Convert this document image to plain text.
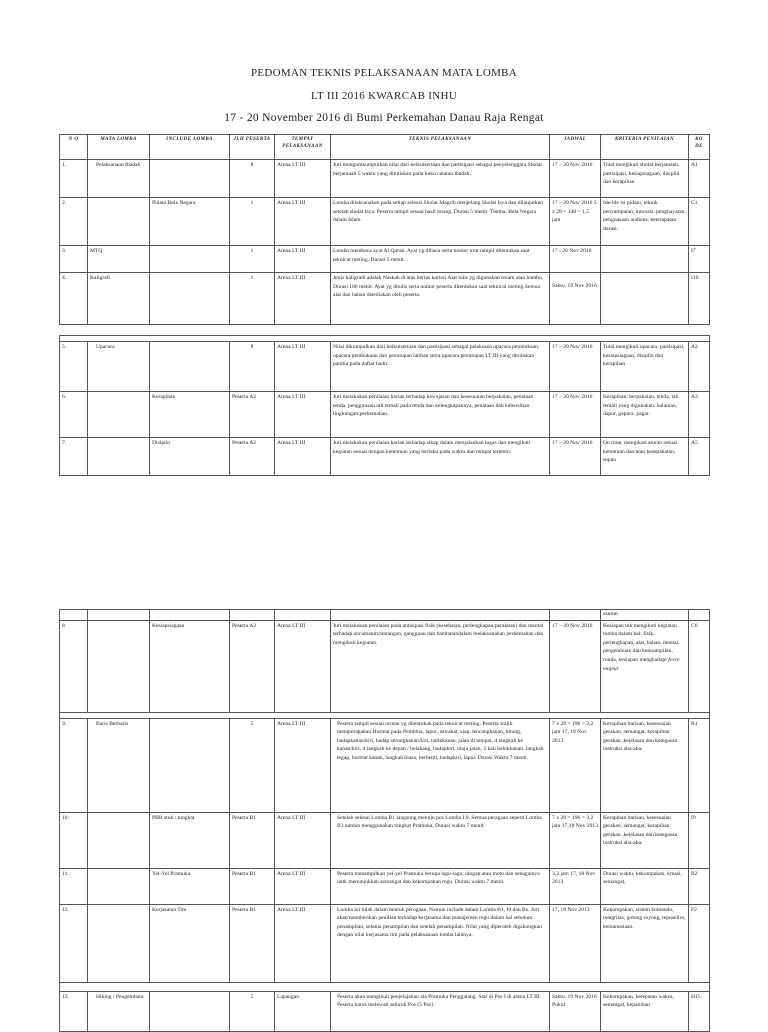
PEDOMAN TEKNIS PELAKSANAAN MATA LOMBA
LT III 2016 KWARCAB INHU
17 - 20 November 2016 di Bumi Perkemahan Danau Raja Rengat
N O	MATA LOMBA	INCLUDE LOMBA	JLH PESERTA	TEMPAT PELAKSANAAN	TEKNIS PELAKSANAAN	JADWAL	KRITERIA PENILAIAN	KO DE
1.	Pelaksanaan Ibadah		8	Arena LT III	Juri mengumkumpulkan nilai dari keikutsertaan dan partisipasi sebagai penyelenggara Sholat berjamaah 5 waktu yang dituliskan pada buku catatan ibadah.	17 – 20 Nov 2016	Total mengikuti sholat berjamaah, partisipasi, kesiapsiagaan, disiplin dan kerapihan	A1
2.		Pidato Bela Negara	1	Arena LT III	Lomba dilaksanakan pada setiap selesai Sholat Magrib menjelang Sholat Isya dan dilanjutkan setelah sholat Isya. Peserta tampil sesuai hasil lotang. Durasi 5 menit. Thema: Bela Negara dalam Islam.	17 – 20 Nov 2016 5 x 28 = 140 = 1,5 jam	Ide-ide isi pidato, teknik penyampaian, intonasi, penghayatan, penguasaan audiens, keterapatan durasi.	C1
3.	MTQ		1	Arena LT III	Lomba membaca ayat Al Quran. Ayat yg dibaca serta nomor urut tampil ditentukan saat teknical meting. Durasi 5 menit.	17 - 20 Nov 2016		I7
4.	Kaligrafi		1	Arena LT III	Jenis kaligradi adalah Naskah di atas kertas karton.Alat tulis yg digunakan resam atau bambu. Durasi 180 menit. Ayat yg ditulis serta nomor peserta ditentukan saat teknical meting.Semua alat dan bahan disediakan oleh peserta.	Sabtu, 19 Nov 2016		I10

5.	Upacara		8	Arena LT III	Nilai dikumpulkan dari keikutsertaan dan partisipasi sebagai pelaksana upacara pembukaan, upacara pembukaan dan penutupan latihan serta upacara penutupan LT III yang dituliskan panitia pada daftar hadir.	17 – 20 Nov 2016	Total mengikuti upacara, partisipasi, kesiapsiagaan, disiplin dan kerapihan	A2
6.		Kerapihan	Peserta A2	Arena LT III	Juri melakukan penilaian harian terhadap kewajaran dan kesesuaian berpakaian, penataan tenda, penggunaan tali temali pada tenda dan kelengkapannya, penataan dan kebersihan lingkungan perkemahan.	17 – 20 Nov 2016	Kerapihan: berpakaian, tenda, tali temali yang digunakan, halaman, dapur, gapura, pagar.	A3
7.		Disiplin	Peserta A2	Arena LT III	Juri melakukan penilaian harian terhadap sikap dalam menjalankan tugas dan mengikuti kegiatan sesuai dengan ketentuan yang berlaku pada waktu dan tempat tertentu.	17 – 20 Nov 2016	On time, mengikuti aturan sesuai ketentuan dan/atau kesepakatan, sopan	A5
							santun.	
8.		Kesiapsiagaan	Peserta A2	Arena LT III	Juri melakukan penilaian pada antisipasi fisik (kesehatan, perlengkapan/peralatan) dan mental terhadap ancamanm,tantangan, gangguan dan hambatandalam melaksanakan perkemahan dan mengikuti kegiatan.	17 – 20 Nov 2016	Kesiapan utk mengikuti kegiatan lomba dalam hal: fisik, perlengkapan, alat, bahan, mental, pengetahuan dan keterampilan, ronda, kesiapan menghadapi force majeur	C6

9.	Baris Berbaris		5	Arena LT III	Peserta tampil sesuai urutan yg ditentukan pada teknical meting. Peserta wajib memperagakan Hormat pada Pembina, lapor, istirahat, siap, lencangkanan, hitung, hadapkanan/kiri, hadap serongkanan/kiri, balikkanan, jalan di tempat, 4 langkah ke kanan/kiri, 4 langkah ke depan / belakang, hadapkiri, maju jalan, 2 kali belokkanan, langkah tegap, hormat kanan, langkah biasa, berhenti, hadapkiri, lapor. Durasi Waktu 7 menit.	7 x 28 = 196 = 3,2 jam 17, 18 Nov 2013	Kerapihan barisan, kesesuaian gerakan, semangat, kerapihan gerakan ,kejelasan dan ketegasan instruksi aba-aba.	B1
10.		PBB stok / tongkat	Peserta B1	Arena LT III	Setelah selesai Lomba B1 langsung menuju pos Lomba I.9. Semua peragaan seperti Lomba B1 namun menggunakan tongkat Pramuka, Durasi waktu 7 menit.	7 x 28 = 196 = 3,2 jam 17,18 Nov 2013	Kerapihan barisan, kesesuaian gerakan, semangat, kerapihan gerakan ,kejelasan dan ketegasan instruksi aba-aba.	I9
11.		Yel-Yel Pramuka	Peserta B1	Arena LT III	Peserta menampilkan yel-yel Pramuka berupa lagu-lagu, ulogan atau moto dan sebagainya untk menunjukkan semangat dan kekompakan regu. Durasi waktu 7 menit.	3,2 jam 17, 18 Nov 2013	Durasi waktu, kekompakan, kreasi, semangat,	B2
12.		Kerjasama Tim	Peserta B1	Arena LT III	Lomba ini tidak dalam bentuk perogaan. Namun include dalam Lomba B1, I9 dan Bs. Juri akan memberikan penilian terhadap kerjasama dan manajemen regu dalam hal sebelum penampilan, selama penampilan dan setelah penampilan. Nilai yang diperoleh digabungkan dengan nilai kerjasama tim pada pelaksanaan lomba lainnya.	17, 18 Nov 2013	Kekompakan, sistem komando, integritas, gotong royong, tepuseliro, kemanusiaan.	F2

13.	Hiking / Pengembara		5	Lapangan	Peserta akan mengikuti penjelajahan ala Pramuka Penggalang. Star di Pos I di arena LT III. Peserta harus melewati seluruh Pos (5 Pos)	Sabtu, 19 Nov 2016 Pukul	Kekompakan, ketepatan waktu, semangat, kepatuhan	H15
